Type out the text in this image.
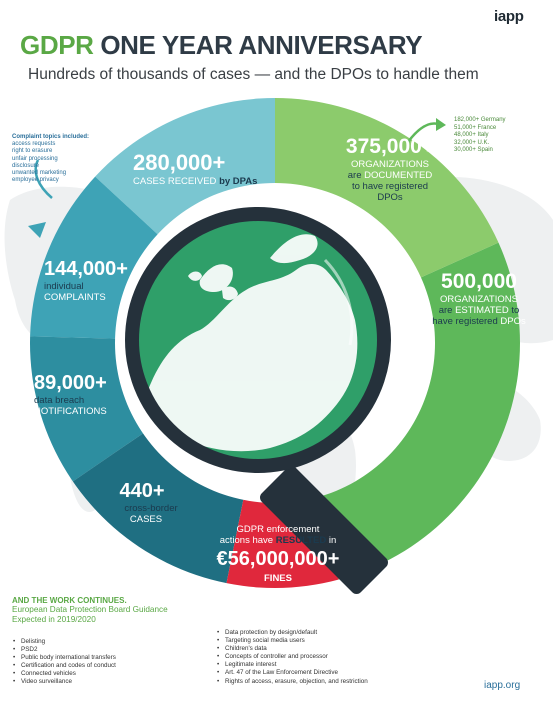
iapp
GDPR ONE YEAR ANNIVERSARY
Hundreds of thousands of cases — and the DPOs to handle them
Complaint topics included:
access requests
right to erasure
unfair processing
disclosure
unwanted marketing
employee privacy
182,000+ Germany
51,000+ France
48,000+ Italy
32,000+ U.K.
30,000+ Spain
280,000+
CASES RECEIVED by DPAs
144,000+
individual
COMPLAINTS
89,000+
data breach
NOTIFICATIONS
440+
cross-border
CASES
GDPR enforcement
actions have RESULTED in
€56,000,000+
FINES
375,000+
ORGANIZATIONS
are DOCUMENTED
to have registered
DPOs
500,000
ORGANIZATIONS
are ESTIMATED to
have registered DPOs
AND THE WORK CONTINUES.
European Data Protection Board Guidance
Expected in 2019/2020
• Delisting
• PSD2
• Public body international transfers
• Certification and codes of conduct
• Connected vehicles
• Video surveillance
• Data protection by design/default
• Targeting social media users
• Children's data
• Concepts of controller and processor
• Legitimate interest
• Art. 47 of the Law Enforcement Directive
• Rights of access, erasure, objection, and restriction	iapp.org
